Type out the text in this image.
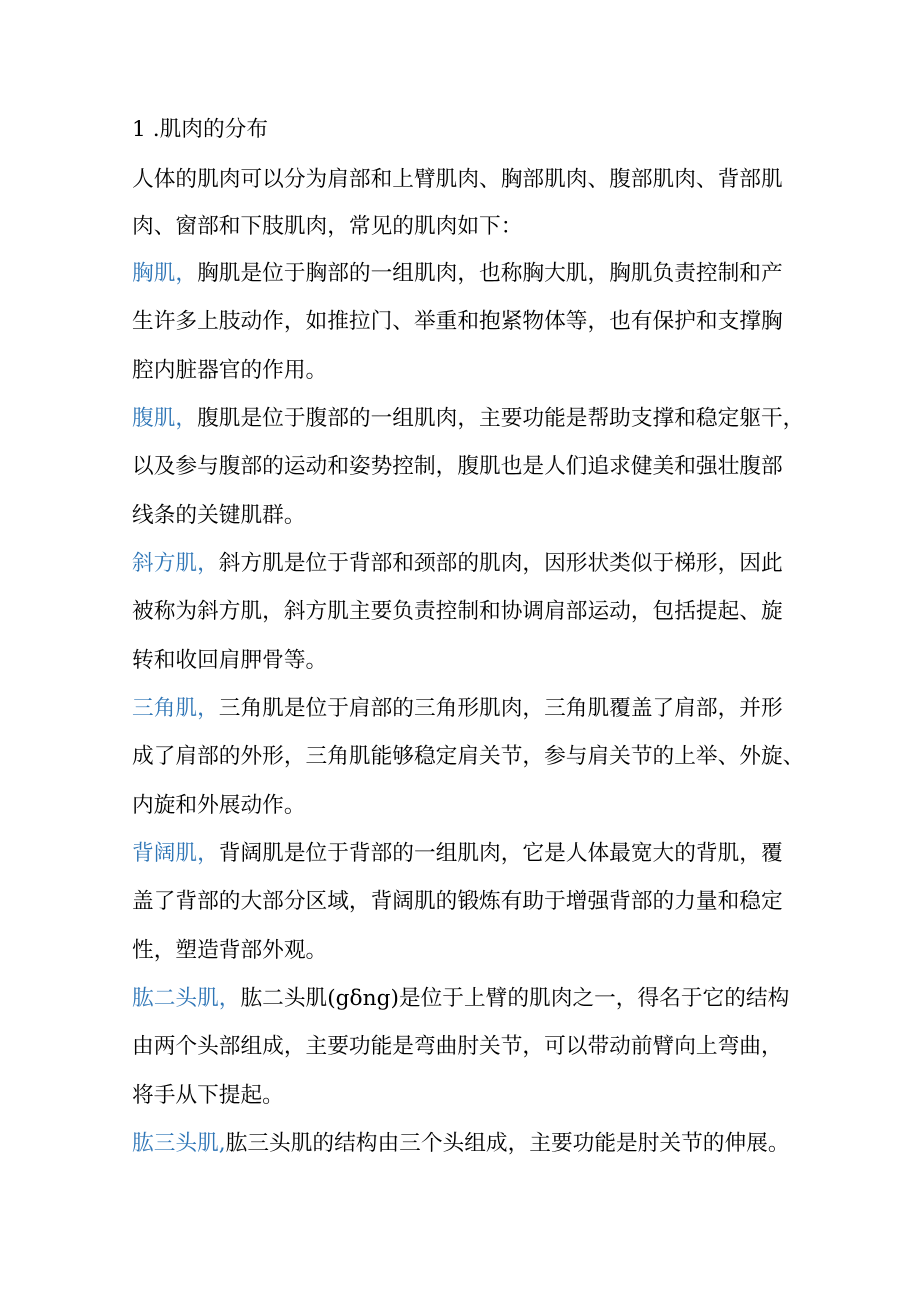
1 .肌肉的分布
人体的肌肉可以分为肩部和上臂肌肉、胸部肌肉、腹部肌肉、背部肌
肉、窗部和下肢肌肉，常见的肌肉如下：
胸肌，胸肌是位于胸部的一组肌肉，也称胸大肌，胸肌负责控制和产
生许多上肢动作，如推拉门、举重和抱紧物体等，也有保护和支撑胸
腔内脏器官的作用。
腹肌，腹肌是位于腹部的一组肌肉，主要功能是帮助支撑和稳定躯干，
以及参与腹部的运动和姿势控制，腹肌也是人们追求健美和强壮腹部
线条的关键肌群。
斜方肌，斜方肌是位于背部和颈部的肌肉，因形状类似于梯形，因此
被称为斜方肌，斜方肌主要负责控制和协调肩部运动，包括提起、旋
转和收回肩胛骨等。
三角肌，三角肌是位于肩部的三角形肌肉，三角肌覆盖了肩部，并形
成了肩部的外形，三角肌能够稳定肩关节，参与肩关节的上举、外旋、
内旋和外展动作。
背阔肌，背阔肌是位于背部的一组肌肉，它是人体最宽大的背肌，覆
盖了背部的大部分区域，背阔肌的锻炼有助于增强背部的力量和稳定
性，塑造背部外观。
肱二头肌，肱二头肌(gδng)是位于上臂的肌肉之一，得名于它的结构
由两个头部组成，主要功能是弯曲肘关节，可以带动前臂向上弯曲，
将手从下提起。
肱三头肌,肱三头肌的结构由三个头组成，主要功能是肘关节的伸展。
